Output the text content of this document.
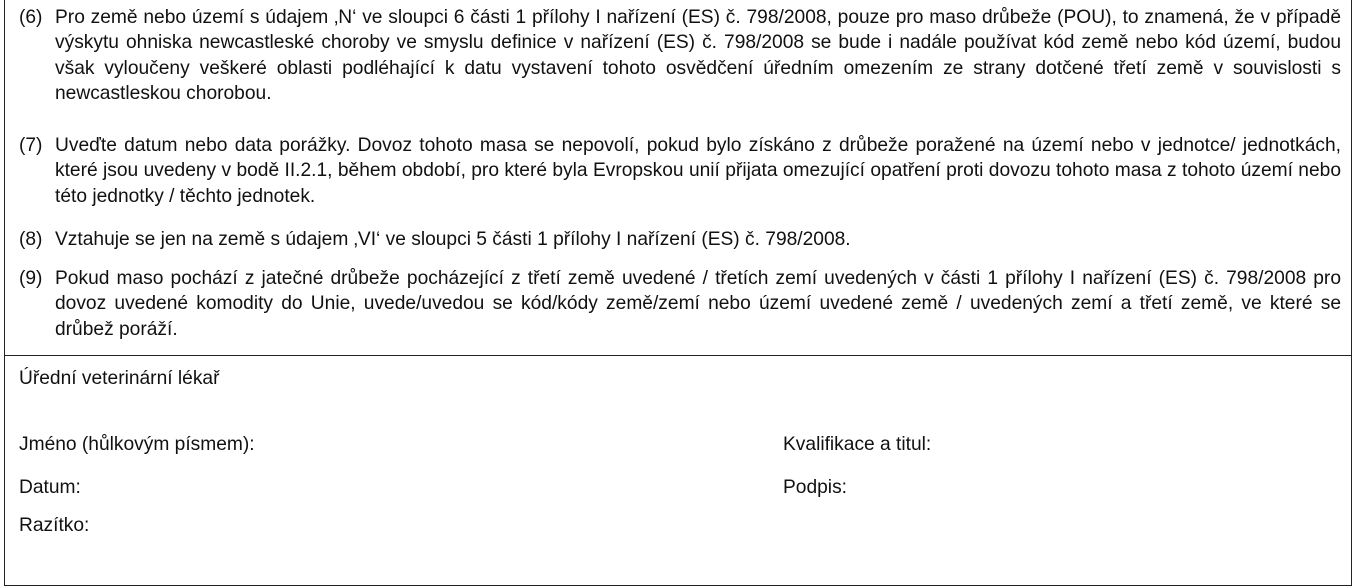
(6) Pro země nebo území s údajem ‚N‘ ve sloupci 6 části 1 přílohy I nařízení (ES) č. 798/2008, pouze pro maso drůbeže (POU), to znamená, že v případě výskytu ohniska newcastleské choroby ve smyslu definice v nařízení (ES) č. 798/2008 se bude i nadále používat kód země nebo kód území, budou však vyloučeny veškeré oblasti podléhající k datu vystavení tohoto osvědčení úředním omezením ze strany dotčené třetí země v souvislosti s newcastleskou chorobou.
(7) Uveďte datum nebo data porážky. Dovoz tohoto masa se nepovolí, pokud bylo získáno z drůbeže poražené na území nebo v jednotce/ jednotkách, které jsou uvedeny v bodě II.2.1, během období, pro které byla Evropskou unií přijata omezující opatření proti dovozu tohoto masa z tohoto území nebo této jednotky / těchto jednotek.
(8) Vztahuje se jen na země s údajem ‚VI‘ ve sloupci 5 části 1 přílohy I nařízení (ES) č. 798/2008.
(9) Pokud maso pochází z jatečné drůbeže pocházející z třetí země uvedené / třetích zemí uvedených v části 1 přílohy I nařízení (ES) č. 798/2008 pro dovoz uvedené komodity do Unie, uvede/uvedou se kód/kódy země/zemí nebo území uvedené země / uvedených zemí a třetí země, ve které se drůbež poráží.
Úřední veterinární lékař
Jméno (hůlkovým písmem):	Kvalifikace a titul:
Datum:	Podpis:
Razítko:
